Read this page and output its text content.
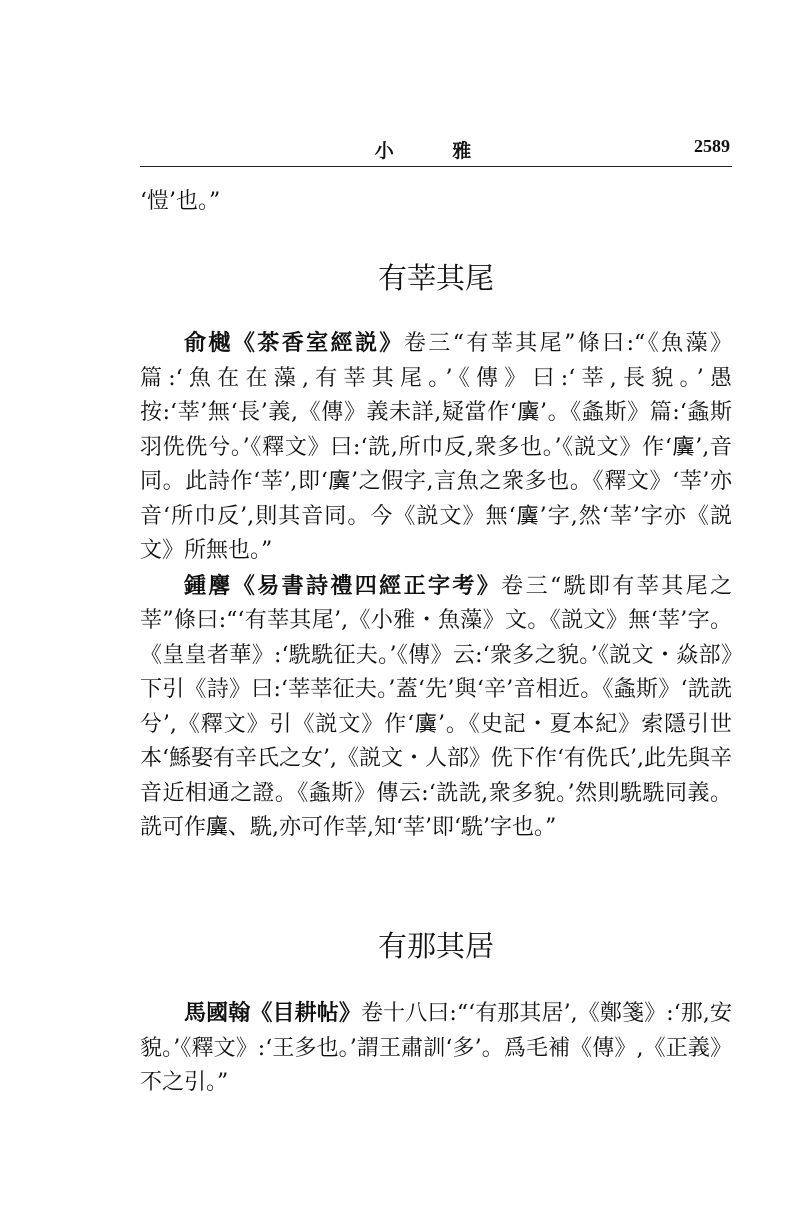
小 雅	2589

‘愷’也。”

有莘其尾

俞樾《茶香室經説》卷三“有莘其尾”條曰:“《魚藻》篇:‘魚在在藻,有莘其尾。’《傳》曰:‘莘,長貌。’愚按:‘莘’無‘長’義,《傳》義未詳,疑當作‘𢋸’。《螽斯》篇:‘螽斯羽侁侁兮。’《釋文》曰:‘詵,所巾反,衆多也。’《説文》作‘𢋸’,音同。此詩作‘莘’,即‘𢋸’之假字,言魚之衆多也。《釋文》‘莘’亦音‘所巾反’,則其音同。今《説文》無‘𢋸’字,然‘莘’字亦《説文》所無也。”

鍾麐《易書詩禮四經正字考》卷三“駪即有莘其尾之莘”條曰:“‘有莘其尾’,《小雅・魚藻》文。《説文》無‘莘’字。《皇皇者華》:‘駪駪征夫。’《傳》云:‘衆多之貌。’《説文・焱部》下引《詩》曰:‘莘莘征夫。’蓋‘先’與‘辛’音相近。《螽斯》‘詵詵兮’,《釋文》引《説文》作‘𢋸’。《史記・夏本紀》索隱引世本‘鯀娶有辛氏之女’,《説文・人部》侁下作‘有侁氏’,此先與辛音近相通之證。《螽斯》傳云:‘詵詵,衆多貌。’然則駪駪同義。詵可作𢋸、駪,亦可作莘,知‘莘’即‘駪’字也。”

有那其居

馬國翰《目耕帖》卷十八曰:“‘有那其居’,《鄭箋》:‘那,安貌。’《釋文》:‘王多也。’謂王肅訓‘多’。爲毛補《傳》,《正義》不之引。”
